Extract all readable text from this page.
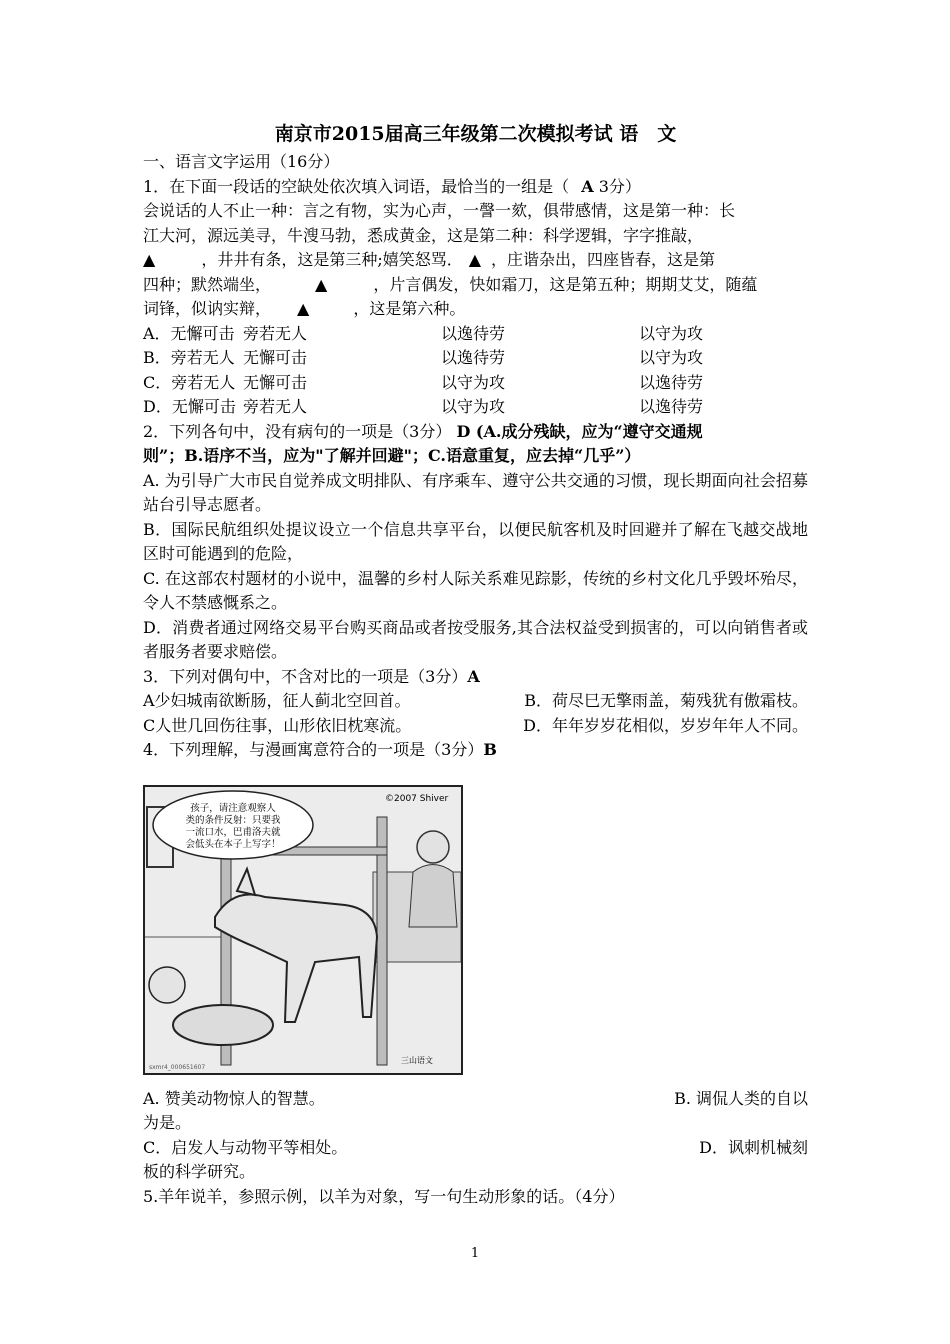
南京市2015届高三年级第二次模拟考试 语　文

一、语言文字运用（16分）

1．在下面一段话的空缺处依次填入词语，最恰当的一组是（ A 3分）

会说话的人不止一种：言之有物，实为心声，一謦一欬，俱带感情，这是第一种：长

江大河，源远美寻，牛溲马勃，悉成黄金，这是第二种：科学逻辑，字字推敲，

▲	，井井有条，这是第三种;嬉笑怒骂． ▲ ，庄谐杂出，四座皆春，这是第

四种；默然端坐，	▲	，片言偶发，快如霜刀，这是第五种；期期艾艾，随蕴

词锋，似讷实辩， ▲	，这是第六种。

A．无懈可击 旁若无人	以逸待劳	以守为攻
B．旁若无人 无懈可击	以逸待劳	以守为攻
C．旁若无人 无懈可击	以守为攻	以逸待劳
D．无懈可击 旁若无人	以守为攻	以逸待劳

2．下列各句中，没有病句的一项是（3分） D (A.成分残缺，应为“遵守交通规

则”；B.语序不当，应为"了解并回避"；C.语意重复，应去掉“几乎”）

A. 为引导广大市民自觉养成文明排队、有序乘车、遵守公共交通的习惯，现长期面向社会招募站台引导志愿者。

B．国际民航组织处提议设立一个信息共享平台，以便民航客机及时回避并了解在飞越交战地区时可能遇到的危险，

C. 在这部农村题材的小说中，温馨的乡村人际关系难见踪影，传统的乡村文化几乎毁坏殆尽，令人不禁感慨系之。

D．消费者通过网络交易平台购买商品或者按受服务,其合法权益受到损害的，可以向销售者或者服务者要求赔偿。

3．下列对偶句中，不含对比的一项是（3分）A

A少妇城南欲断肠，征人蓟北空回首。	B．荷尽巳无擎雨盖，菊残犹有傲霜枝。
C人世几回伤往事，山形依旧枕寒流。	D．年年岁岁花相似，岁岁年年人不同。

4．下列理解，与漫画寓意符合的一项是（3分）B

孩子，请注意观察人
类的条件反射：只要我
一流口水，巴甫洛夫就
会低头在本子上写字！
©2007 Shiver
三山语文
sxmr4_000651607
A. 赞美动物惊人的智慧。	B. 调侃人类的自以

为是。

C．启发人与动物平等相处。	D．讽刺机械刻

板的科学研究。

5.羊年说羊，参照示例，以羊为对象，写一句生动形象的话。（4分）

1
